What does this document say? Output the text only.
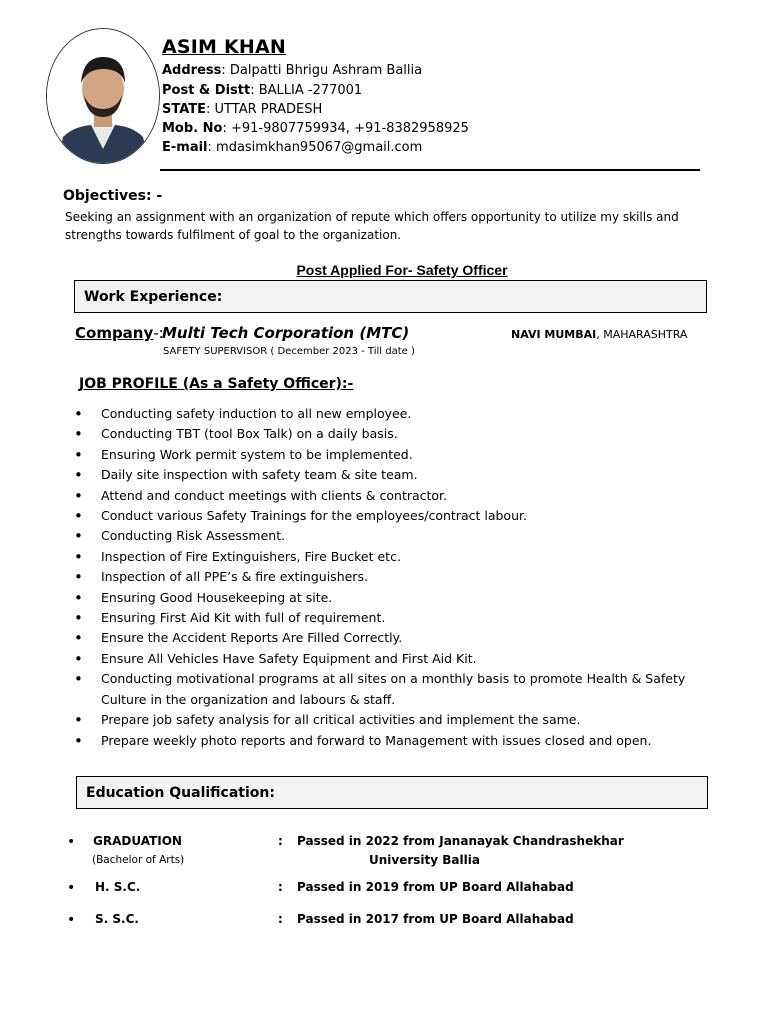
ASIM KHAN
Address: Dalpatti Bhrigu Ashram Ballia
Post & Distt: BALLIA -277001
STATE: UTTAR PRADESH
Mob. No: +91-9807759934, +91-8382958925
E-mail: mdasimkhan95067@gmail.com
Objectives: -
Seeking an assignment with an organization of repute which offers opportunity to utilize my skills and strengths towards fulfilment of goal to the organization.
Post Applied For- Safety Officer
Work Experience:
Company-:
Multi Tech Corporation (MTC)	NAVI MUMBAI, MAHARASHTRA
SAFETY SUPERVISOR ( December 2023 - Till date )
JOB PROFILE (As a Safety Officer):-
• Conducting safety induction to all new employee.
• Conducting TBT (tool Box Talk) on a daily basis.
• Ensuring Work permit system to be implemented.
• Daily site inspection with safety team & site team.
• Attend and conduct meetings with clients & contractor.
• Conduct various Safety Trainings for the employees/contract labour.
• Conducting Risk Assessment.
• Inspection of Fire Extinguishers, Fire Bucket etc.
• Inspection of all PPE’s & fire extinguishers.
• Ensuring Good Housekeeping at site.
• Ensuring First Aid Kit with full of requirement.
• Ensure the Accident Reports Are Filled Correctly.
• Ensure All Vehicles Have Safety Equipment and First Aid Kit.
• Conducting motivational programs at all sites on a monthly basis to promote Health & Safety Culture in the organization and labours & staff.
• Prepare job safety analysis for all critical activities and implement the same.
• Prepare weekly photo reports and forward to Management with issues closed and open.
Education Qualification:
• GRADUATION	: Passed in 2022 from Jananayak Chandrashekhar
(Bachelor of Arts)	University Ballia
• H. S.C.	: Passed in 2019 from UP Board Allahabad
• S. S.C.	: Passed in 2017 from UP Board Allahabad
